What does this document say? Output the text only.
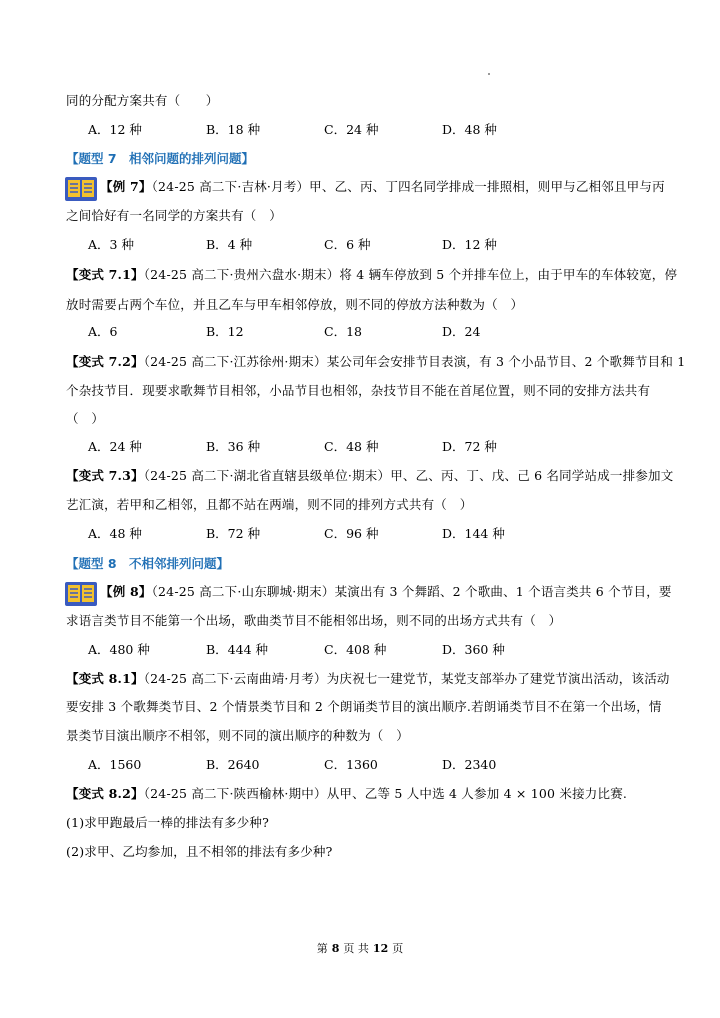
同的分配方案共有（　　）
A．12 种	B．18 种	C．24 种	D．48 种
【题型 7　相邻问题的排列问题】
【例 7】（24-25 高二下·吉林·月考）甲、乙、丙、丁四名同学排成一排照相，则甲与乙相邻且甲与丙
之间恰好有一名同学的方案共有（　）
A．3 种	B．4 种	C．6 种	D．12 种
【变式 7.1】（24-25 高二下·贵州六盘水·期末）将 4 辆车停放到 5 个并排车位上，由于甲车的车体较宽，停
放时需要占两个车位，并且乙车与甲车相邻停放，则不同的停放方法种数为（　）
A．6	B．12	C．18	D．24
【变式 7.2】（24-25 高二下·江苏徐州·期末）某公司年会安排节目表演，有 3 个小品节目、2 个歌舞节目和 1
个杂技节目．现要求歌舞节目相邻，小品节目也相邻，杂技节目不能在首尾位置，则不同的安排方法共有
（　）
A．24 种	B．36 种	C．48 种	D．72 种
【变式 7.3】（24-25 高二下·湖北省直辖县级单位·期末）甲、乙、丙、丁、戊、己 6 名同学站成一排参加文
艺汇演，若甲和乙相邻，且都不站在两端，则不同的排列方式共有（　）
A．48 种	B．72 种	C．96 种	D．144 种
【题型 8　不相邻排列问题】
【例 8】（24-25 高二下·山东聊城·期末）某演出有 3 个舞蹈、2 个歌曲、1 个语言类共 6 个节目，要
求语言类节目不能第一个出场，歌曲类节目不能相邻出场，则不同的出场方式共有（　）
A．480 种	B．444 种	C．408 种	D．360 种
【变式 8.1】（24-25 高二下·云南曲靖·月考）为庆祝七一建党节，某党支部举办了建党节演出活动，该活动
要安排 3 个歌舞类节目、2 个情景类节目和 2 个朗诵类节目的演出顺序.若朗诵类节目不在第一个出场，情
景类节目演出顺序不相邻，则不同的演出顺序的种数为（　）
A．1560	B．2640	C．1360	D．2340
【变式 8.2】（24-25 高二下·陕西榆林·期中）从甲、乙等 5 人中选 4 人参加 4 × 100 米接力比赛.
(1)求甲跑最后一棒的排法有多少种?
(2)求甲、乙均参加，且不相邻的排法有多少种?
第 8 页 共 12 页
